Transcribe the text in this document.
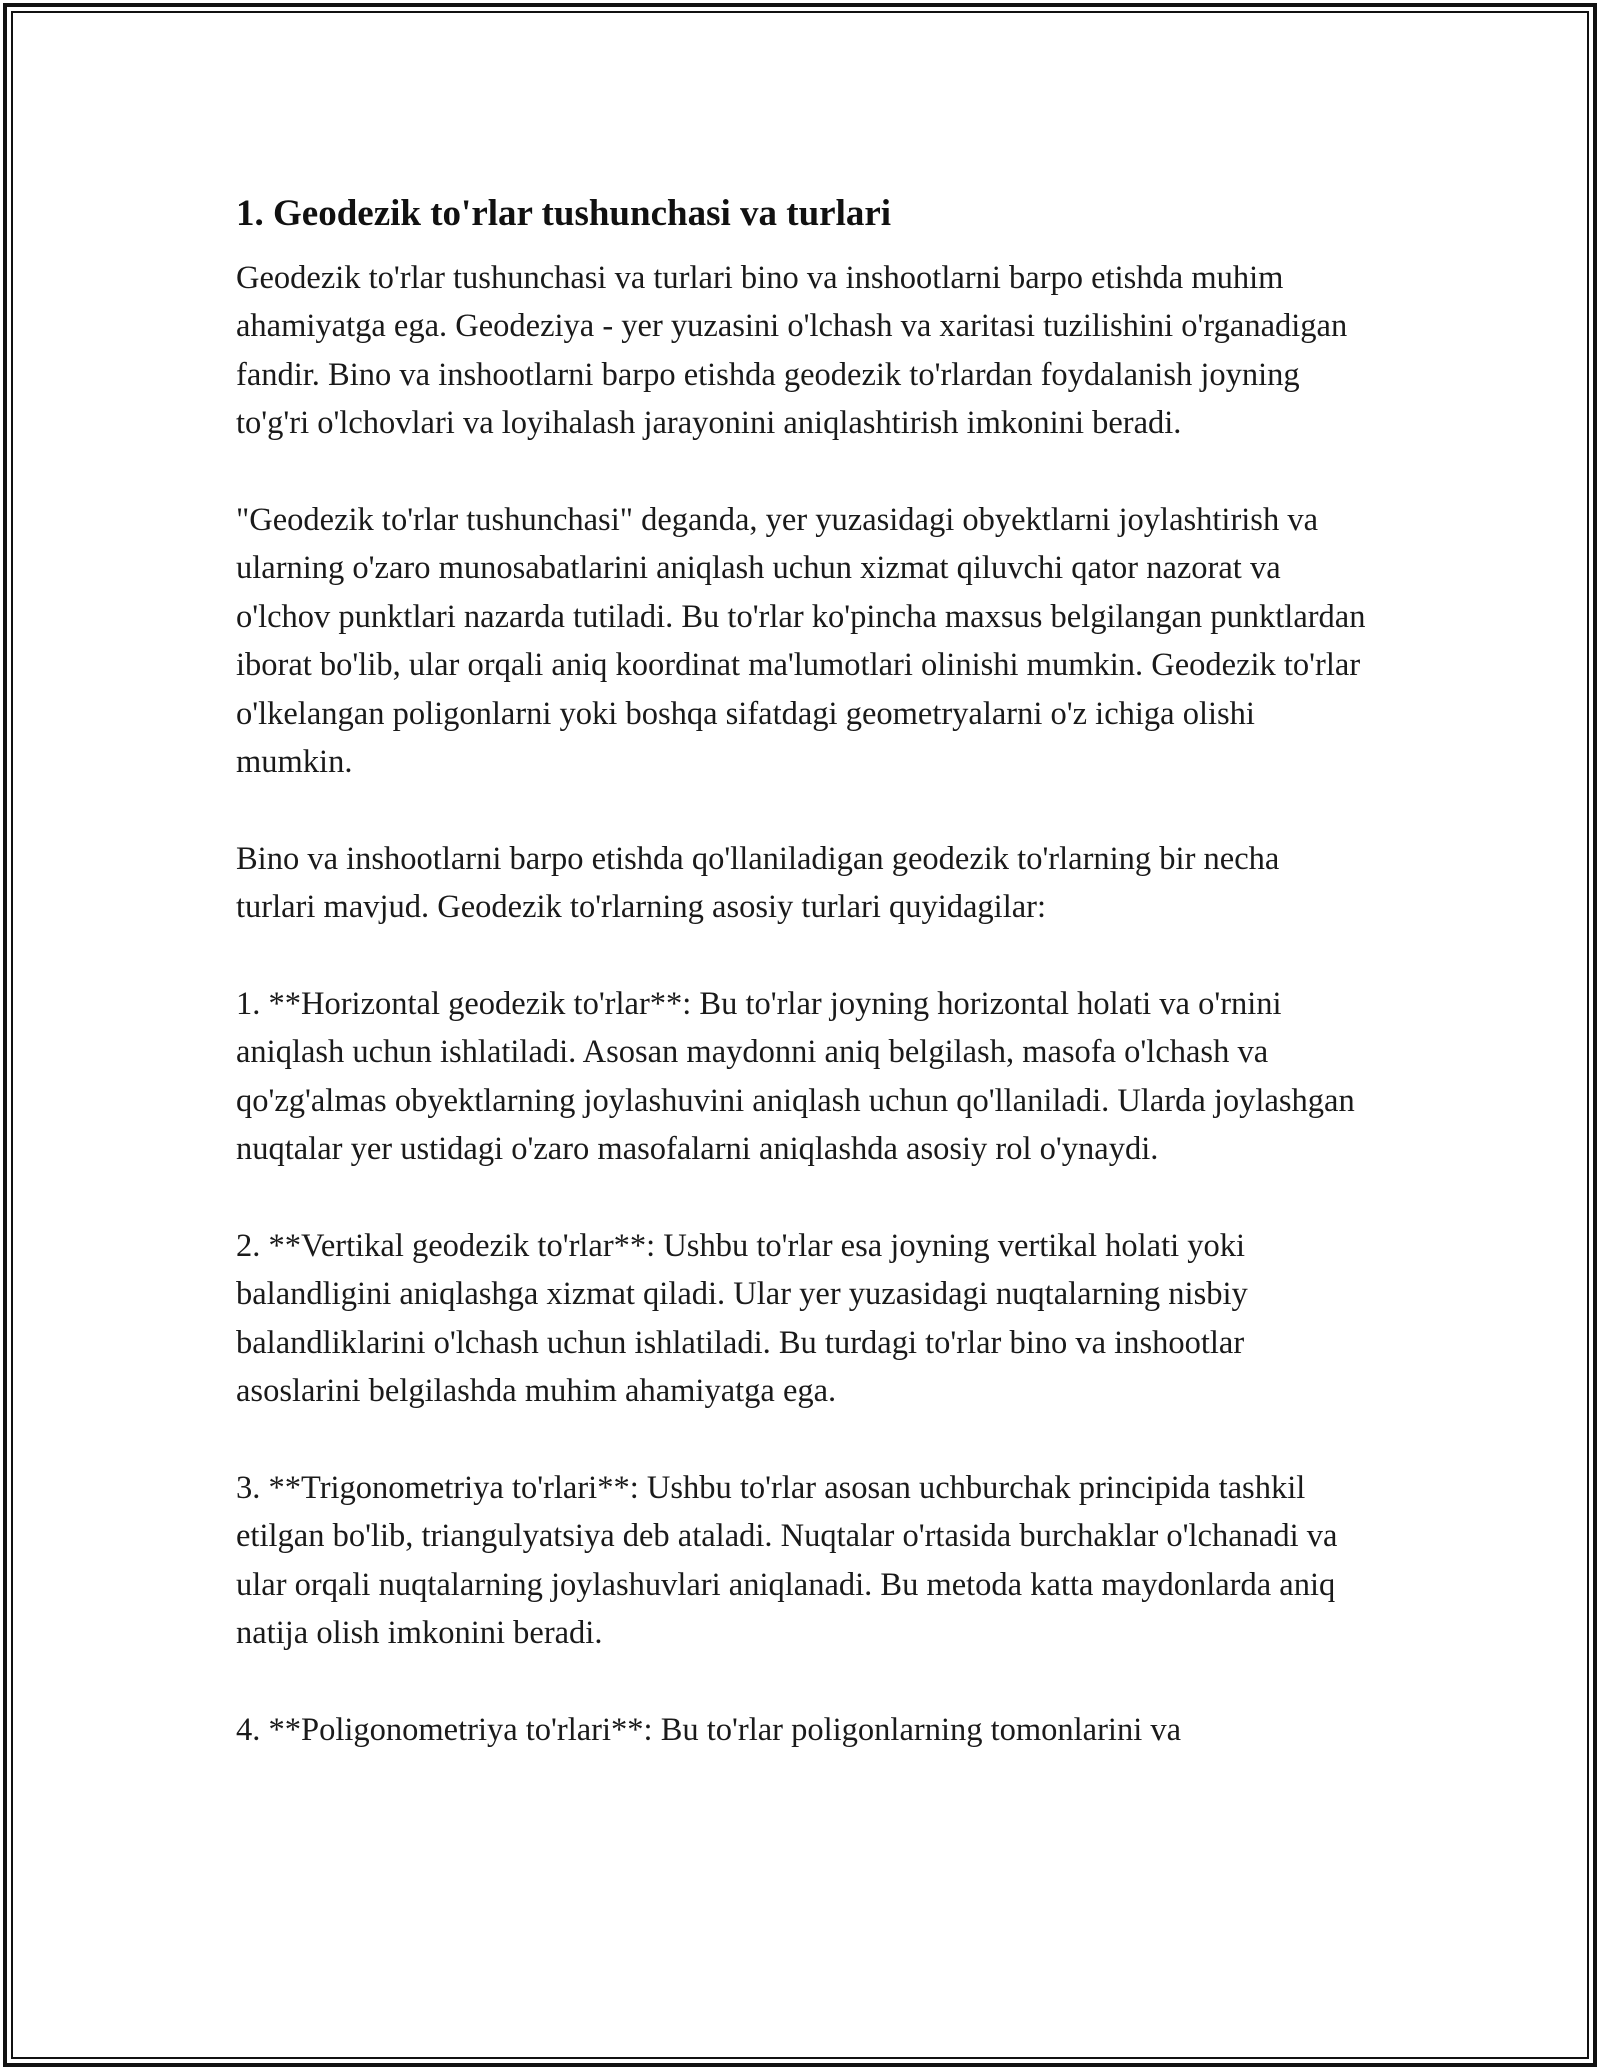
1. Geodezik to'rlar tushunchasi va turlari

Geodezik to'rlar tushunchasi va turlari bino va inshootlarni barpo etishda muhim ahamiyatga ega. Geodeziya - yer yuzasini o'lchash va xaritasi tuzilishini o'rganadigan fandir. Bino va inshootlarni barpo etishda geodezik to'rlardan foydalanish joyning to'g'ri o'lchovlari va loyihalash jarayonini aniqlashtirish imkonini beradi.

"Geodezik to'rlar tushunchasi" deganda, yer yuzasidagi obyektlarni joylashtirish va ularning o'zaro munosabatlarini aniqlash uchun xizmat qiluvchi qator nazorat va o'lchov punktlari nazarda tutiladi. Bu to'rlar ko'pincha maxsus belgilangan punktlardan iborat bo'lib, ular orqali aniq koordinat ma'lumotlari olinishi mumkin. Geodezik to'rlar o'lkelangan poligonlarni yoki boshqa sifatdagi geometryalarni o'z ichiga olishi mumkin.

Bino va inshootlarni barpo etishda qo'llaniladigan geodezik to'rlarning bir necha turlari mavjud. Geodezik to'rlarning asosiy turlari quyidagilar:

1. **Horizontal geodezik to'rlar**: Bu to'rlar joyning horizontal holati va o'rnini aniqlash uchun ishlatiladi. Asosan maydonni aniq belgilash, masofa o'lchash va qo'zg'almas obyektlarning joylashuvini aniqlash uchun qo'llaniladi. Ularda joylashgan nuqtalar yer ustidagi o'zaro masofalarni aniqlashda asosiy rol o'ynaydi.

2. **Vertikal geodezik to'rlar**: Ushbu to'rlar esa joyning vertikal holati yoki balandligini aniqlashga xizmat qiladi. Ular yer yuzasidagi nuqtalarning nisbiy balandliklarini o'lchash uchun ishlatiladi. Bu turdagi to'rlar bino va inshootlar asoslarini belgilashda muhim ahamiyatga ega.

3. **Trigonometriya to'rlari**: Ushbu to'rlar asosan uchburchak principida tashkil etilgan bo'lib, triangulyatsiya deb ataladi. Nuqtalar o'rtasida burchaklar o'lchanadi va ular orqali nuqtalarning joylashuvlari aniqlanadi. Bu metoda katta maydonlarda aniq natija olish imkonini beradi.

4. **Poligonometriya to'rlari**: Bu to'rlar poligonlarning tomonlarini va
